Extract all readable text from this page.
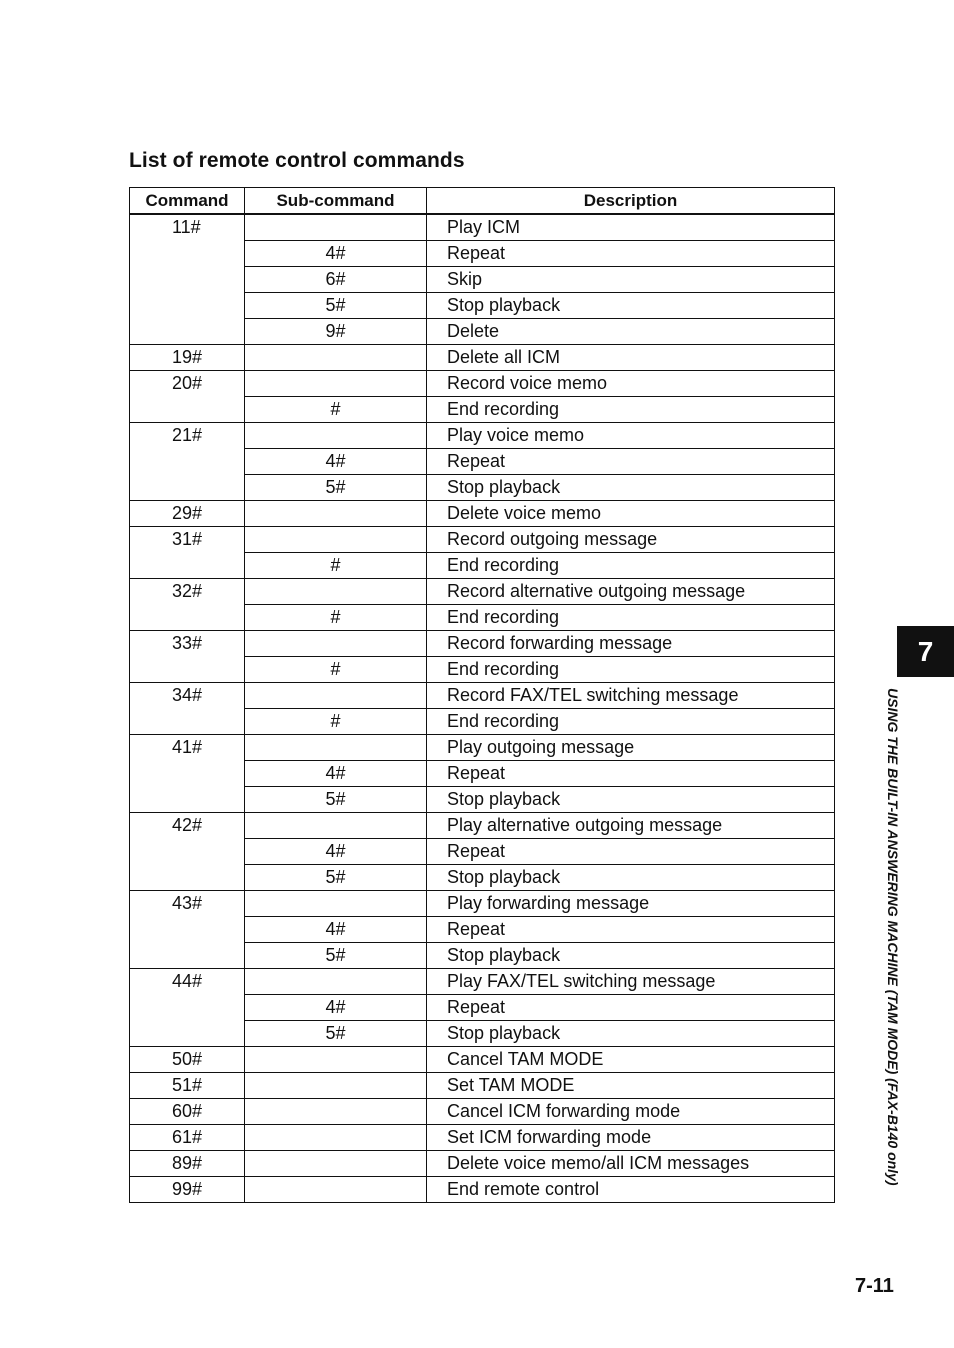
List of remote control commands
Command	Sub-command	Description
11#		Play ICM
	4#	Repeat
	6#	Skip
	5#	Stop playback
	9#	Delete
19#		Delete all ICM
20#		Record voice memo
	#	End recording
21#		Play voice memo
	4#	Repeat
	5#	Stop playback
29#		Delete voice memo
31#		Record outgoing message
	#	End recording
32#		Record alternative outgoing message
	#	End recording
33#		Record forwarding message
	#	End recording
34#		Record FAX/TEL switching message
	#	End recording
41#		Play outgoing message
	4#	Repeat
	5#	Stop playback
42#		Play alternative outgoing message
	4#	Repeat
	5#	Stop playback
43#		Play forwarding message
	4#	Repeat
	5#	Stop playback
44#		Play FAX/TEL switching message
	4#	Repeat
	5#	Stop playback
50#		Cancel TAM MODE
51#		Set TAM MODE
60#		Cancel ICM forwarding mode
61#		Set ICM forwarding mode
89#		Delete voice memo/all ICM messages
99#		End remote control
7
USING THE BUILT-IN ANSWERING MACHINE (TAM MODE) (FAX-B140 only)
7-11
